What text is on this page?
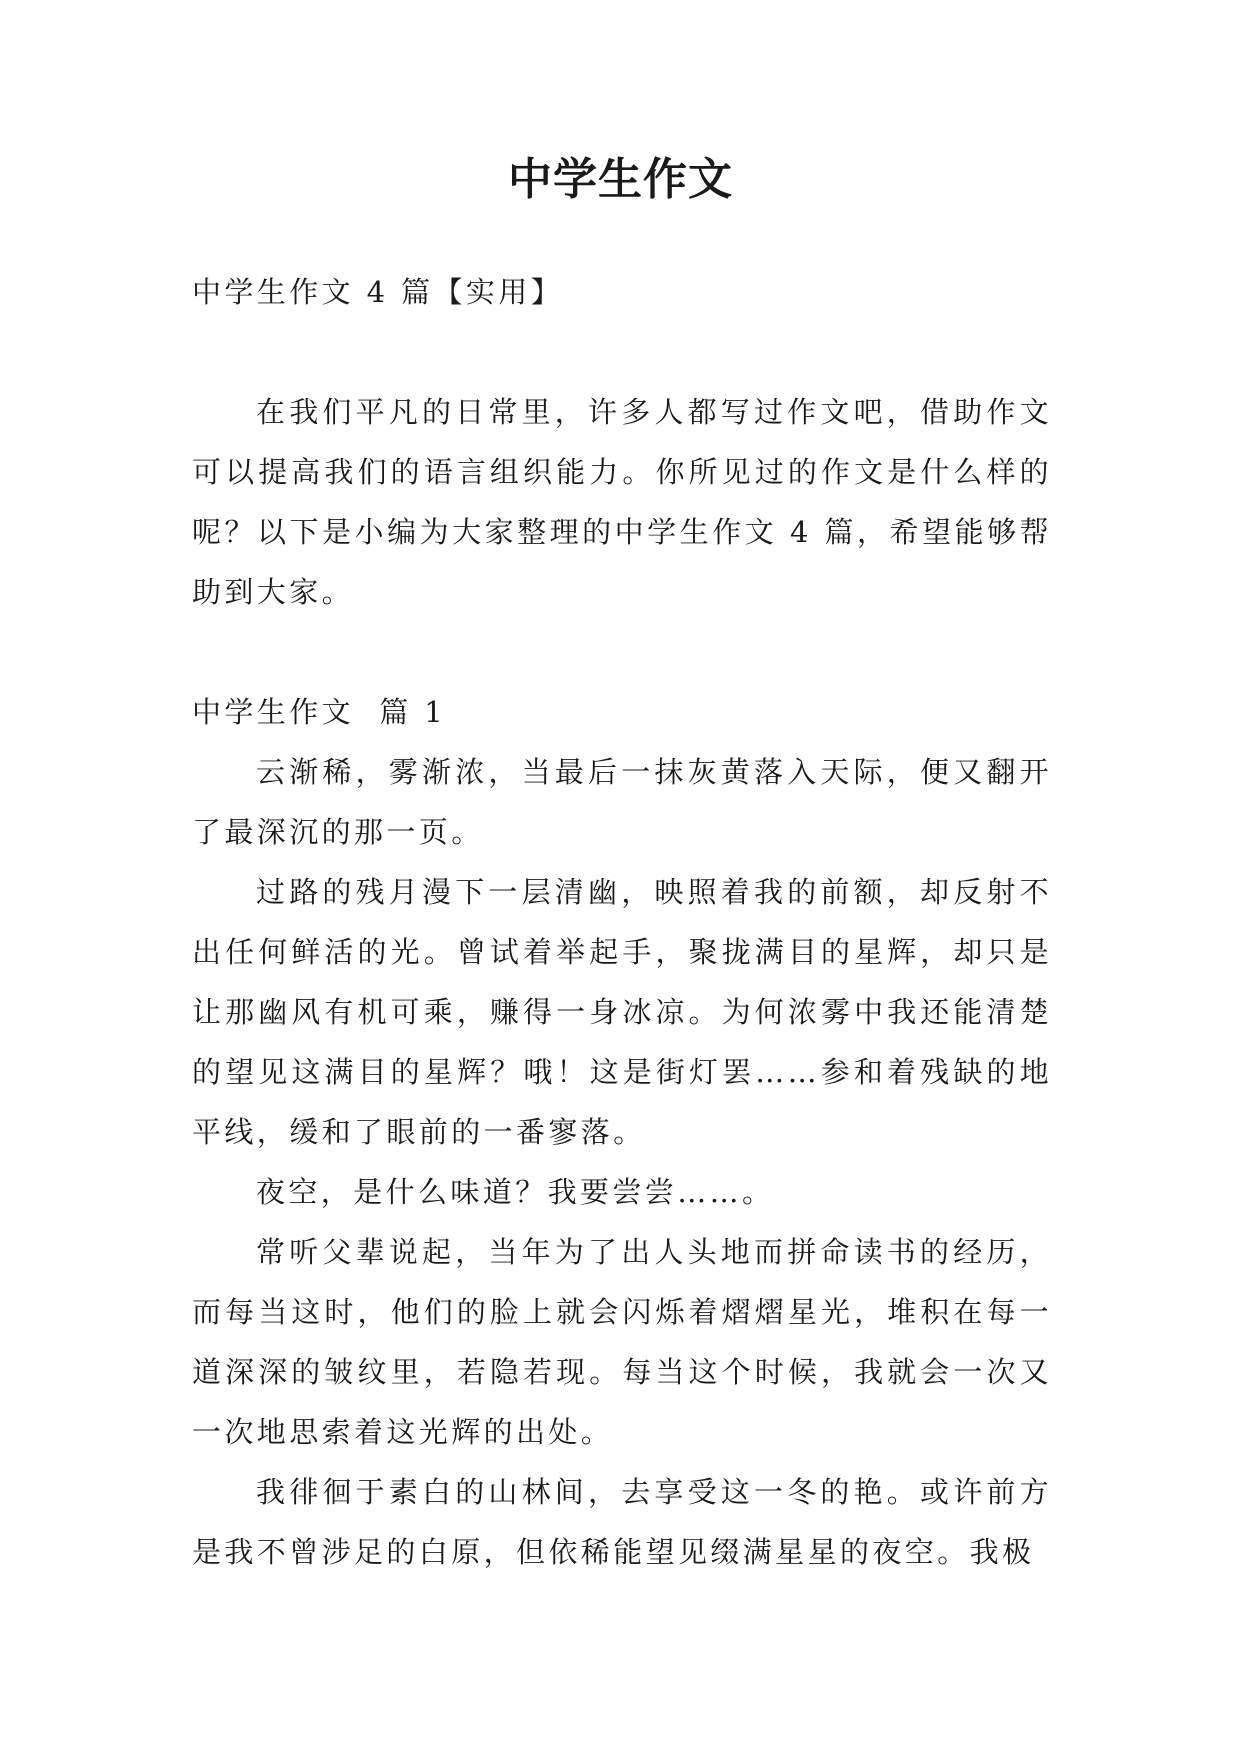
中学生作文

中学生作文 4 篇【实用】

在我们平凡的日常里，许多人都写过作文吧，借助作文可以提高我们的语言组织能力。你所见过的作文是什么样的呢？以下是小编为大家整理的中学生作文 4 篇，希望能够帮助到大家。

中学生作文  篇 1

云渐稀，雾渐浓，当最后一抹灰黄落入天际，便又翻开了最深沉的那一页。

过路的残月漫下一层清幽，映照着我的前额，却反射不出任何鲜活的光。曾试着举起手，聚拢满目的星辉，却只是让那幽风有机可乘，赚得一身冰凉。为何浓雾中我还能清楚的望见这满目的星辉？哦！这是街灯罢……参和着残缺的地平线，缓和了眼前的一番寥落。

夜空，是什么味道？我要尝尝……。

常听父辈说起，当年为了出人头地而拼命读书的经历，而每当这时，他们的脸上就会闪烁着熠熠星光，堆积在每一道深深的皱纹里，若隐若现。每当这个时候，我就会一次又一次地思索着这光辉的出处。

我徘徊于素白的山林间，去享受这一冬的艳。或许前方是我不曾涉足的白原，但依稀能望见缀满星星的夜空。我极
